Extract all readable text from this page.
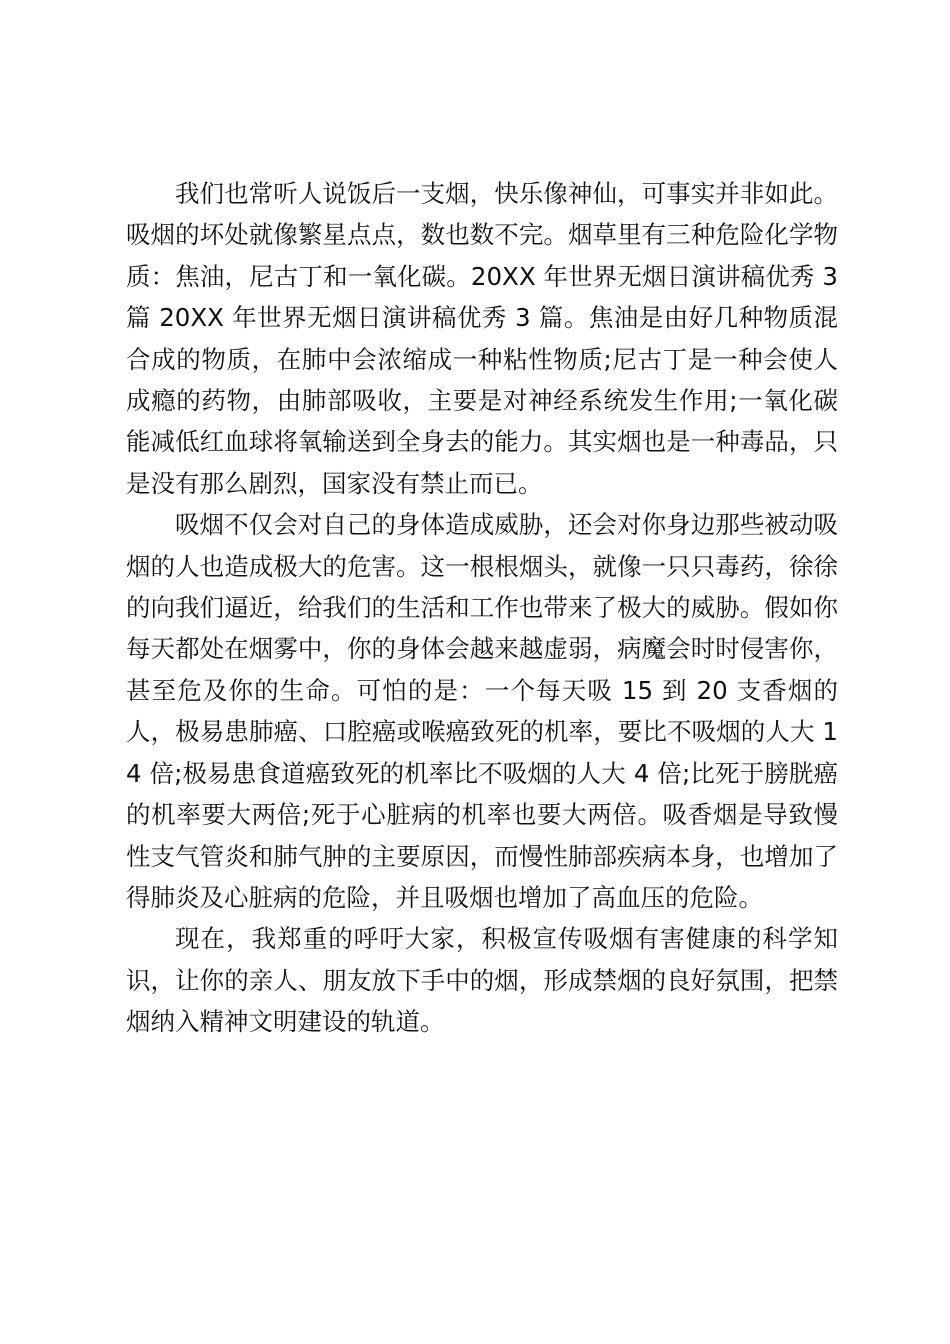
我们也常听人说饭后一支烟，快乐像神仙，可事实并非如此。吸烟的坏处就像繁星点点，数也数不完。烟草里有三种危险化学物质：焦油，尼古丁和一氧化碳。20XX 年世界无烟日演讲稿优秀 3 篇 20XX 年世界无烟日演讲稿优秀 3 篇。焦油是由好几种物质混合成的物质，在肺中会浓缩成一种粘性物质;尼古丁是一种会使人成瘾的药物，由肺部吸收，主要是对神经系统发生作用;一氧化碳能减低红血球将氧输送到全身去的能力。其实烟也是一种毒品，只是没有那么剧烈，国家没有禁止而已。

吸烟不仅会对自己的身体造成威胁，还会对你身边那些被动吸烟的人也造成极大的危害。这一根根烟头，就像一只只毒药，徐徐的向我们逼近，给我们的生活和工作也带来了极大的威胁。假如你每天都处在烟雾中，你的身体会越来越虚弱，病魔会时时侵害你，甚至危及你的生命。可怕的是：一个每天吸 15 到 20 支香烟的人，极易患肺癌、口腔癌或喉癌致死的机率，要比不吸烟的人大 14 倍;极易患食道癌致死的机率比不吸烟的人大 4 倍;比死于膀胱癌的机率要大两倍;死于心脏病的机率也要大两倍。吸香烟是导致慢性支气管炎和肺气肿的主要原因，而慢性肺部疾病本身，也增加了得肺炎及心脏病的危险，并且吸烟也增加了高血压的危险。

现在，我郑重的呼吁大家，积极宣传吸烟有害健康的科学知识，让你的亲人、朋友放下手中的烟，形成禁烟的良好氛围，把禁烟纳入精神文明建设的轨道。
